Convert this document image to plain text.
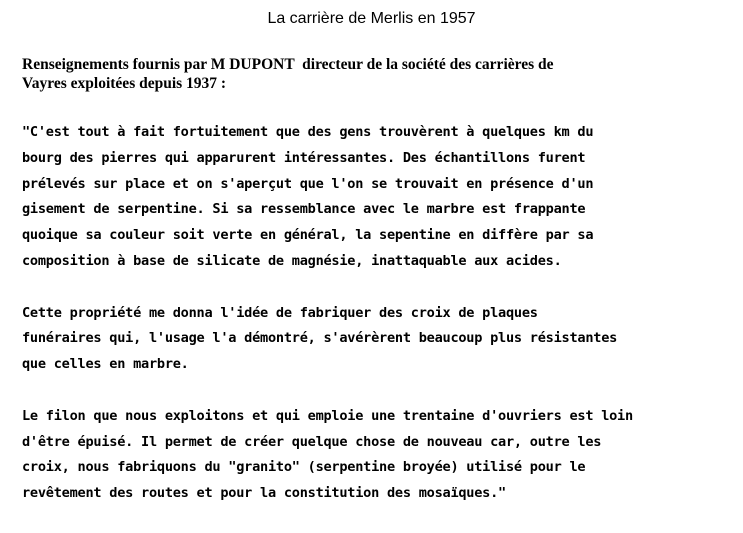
La carrière de Merlis en 1957
Renseignements fournis par M DUPONT  directeur de la société des carrières de
Vayres exploitées depuis 1937 :
"C'est tout à fait fortuitement que des gens trouvèrent à quelques km du
bourg des pierres qui apparurent intéressantes. Des échantillons furent
prélevés sur place et on s'aperçut que l'on se trouvait en présence d'un
gisement de serpentine. Si sa ressemblance avec le marbre est frappante
quoique sa couleur soit verte en général, la sepentine en diffère par sa
composition à base de silicate de magnésie, inattaquable aux acides.
Cette propriété me donna l'idée de fabriquer des croix de plaques
funéraires qui, l'usage l'a démontré, s'avérèrent beaucoup plus résistantes
que celles en marbre.
Le filon que nous exploitons et qui emploie une trentaine d'ouvriers est loin
d'être épuisé. Il permet de créer quelque chose de nouveau car, outre les
croix, nous fabriquons du "granito" (serpentine broyée) utilisé pour le
revêtement des routes et pour la constitution des mosaïques."
